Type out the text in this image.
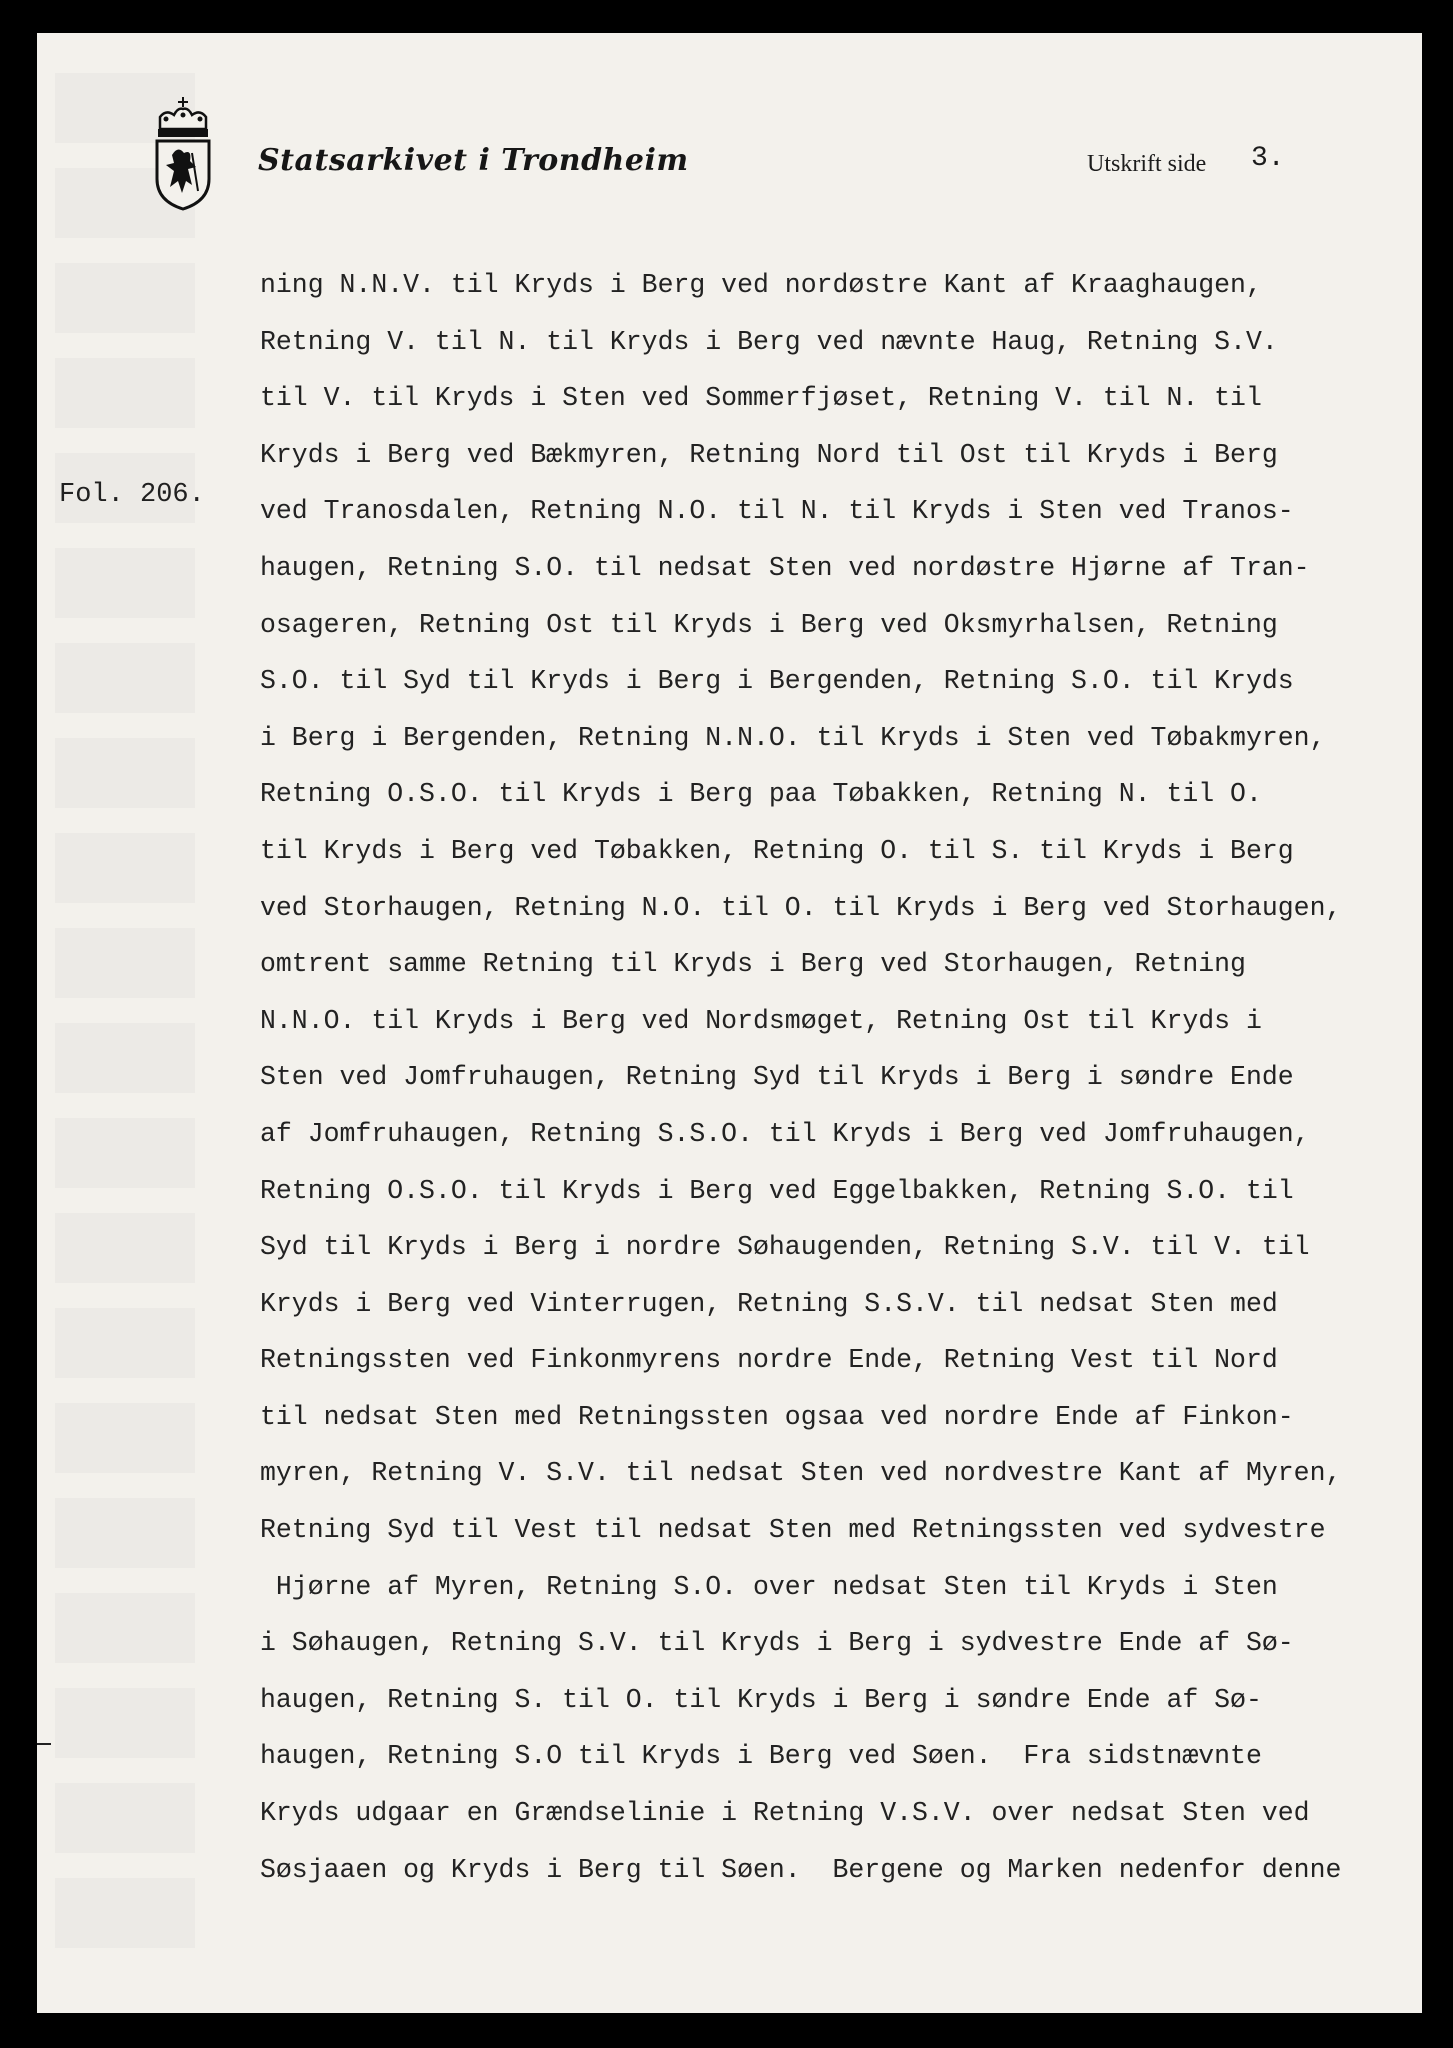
Statsarkivet i Trondheim	Utskrift side 3.
Fol. 206.
ning N.N.V. til Kryds i Berg ved nordøstre Kant af Kraaghaugen,
Retning V. til N. til Kryds i Berg ved nævnte Haug, Retning S.V.
til V. til Kryds i Sten ved Sommerfjøset, Retning V. til N. til
Kryds i Berg ved Bækmyren, Retning Nord til Ost til Kryds i Berg
ved Tranosdalen, Retning N.O. til N. til Kryds i Sten ved Tranos-
haugen, Retning S.O. til nedsat Sten ved nordøstre Hjørne af Tran-
osageren, Retning Ost til Kryds i Berg ved Oksmyrhalsen, Retning
S.O. til Syd til Kryds i Berg i Bergenden, Retning S.O. til Kryds
i Berg i Bergenden, Retning N.N.O. til Kryds i Sten ved Tøbakmyren,
Retning O.S.O. til Kryds i Berg paa Tøbakken, Retning N. til O.
til Kryds i Berg ved Tøbakken, Retning O. til S. til Kryds i Berg
ved Storhaugen, Retning N.O. til O. til Kryds i Berg ved Storhaugen,
omtrent samme Retning til Kryds i Berg ved Storhaugen, Retning
N.N.O. til Kryds i Berg ved Nordsmøget, Retning Ost til Kryds i
Sten ved Jomfruhaugen, Retning Syd til Kryds i Berg i søndre Ende
af Jomfruhaugen, Retning S.S.O. til Kryds i Berg ved Jomfruhaugen,
Retning O.S.O. til Kryds i Berg ved Eggelbakken, Retning S.O. til
Syd til Kryds i Berg i nordre Søhaugenden, Retning S.V. til V. til
Kryds i Berg ved Vinterrugen, Retning S.S.V. til nedsat Sten med
Retningssten ved Finkonmyrens nordre Ende, Retning Vest til Nord
til nedsat Sten med Retningssten ogsaa ved nordre Ende af Finkon-
myren, Retning V. S.V. til nedsat Sten ved nordvestre Kant af Myren,
Retning Syd til Vest til nedsat Sten med Retningssten ved sydvestre
Hjørne af Myren, Retning S.O. over nedsat Sten til Kryds i Sten
i Søhaugen, Retning S.V. til Kryds i Berg i sydvestre Ende af Sø-
haugen, Retning S. til O. til Kryds i Berg i søndre Ende af Sø-
haugen, Retning S.O til Kryds i Berg ved Søen.  Fra sidstnævnte
Kryds udgaar en Grændselinie i Retning V.S.V. over nedsat Sten ved
Søsjaaen og Kryds i Berg til Søen.  Bergene og Marken nedenfor denne
